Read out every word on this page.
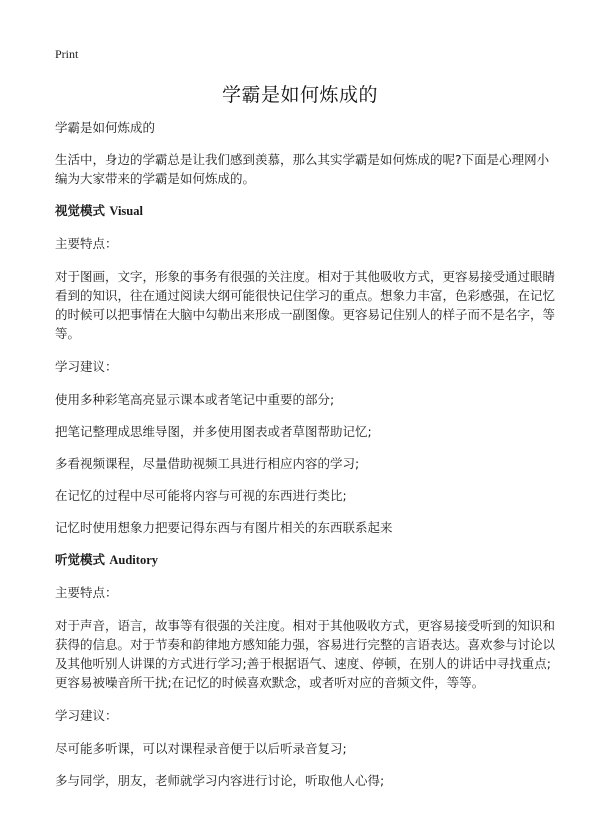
Print
学霸是如何炼成的

学霸是如何炼成的

生活中，身边的学霸总是让我们感到羡慕，那么其实学霸是如何炼成的呢?下面是心理网小编为大家带来的学霸是如何炼成的。

视觉模式 Visual

主要特点：

对于图画，文字，形象的事务有很强的关注度。相对于其他吸收方式，更容易接受通过眼睛看到的知识，往在通过阅读大纲可能很快记住学习的重点。想象力丰富，色彩感强，在记忆的时候可以把事情在大脑中勾勒出来形成一副图像。更容易记住别人的样子而不是名字，等等。

学习建议：

使用多种彩笔高亮显示课本或者笔记中重要的部分;

把笔记整理成思维导图，并多使用图表或者草图帮助记忆;

多看视频课程，尽量借助视频工具进行相应内容的学习;

在记忆的过程中尽可能将内容与可视的东西进行类比;

记忆时使用想象力把要记得东西与有图片相关的东西联系起来

听觉模式 Auditory

主要特点：

对于声音，语言，故事等有很强的关注度。相对于其他吸收方式，更容易接受听到的知识和获得的信息。对于节奏和韵律地方感知能力强，容易进行完整的言语表达。喜欢参与讨论以及其他听别人讲课的方式进行学习;善于根据语气、速度、停顿，在别人的讲话中寻找重点;更容易被噪音所干扰;在记忆的时候喜欢默念，或者听对应的音频文件，等等。

学习建议：

尽可能多听课，可以对课程录音便于以后听录音复习;

多与同学，朋友，老师就学习内容进行讨论，听取他人心得;
